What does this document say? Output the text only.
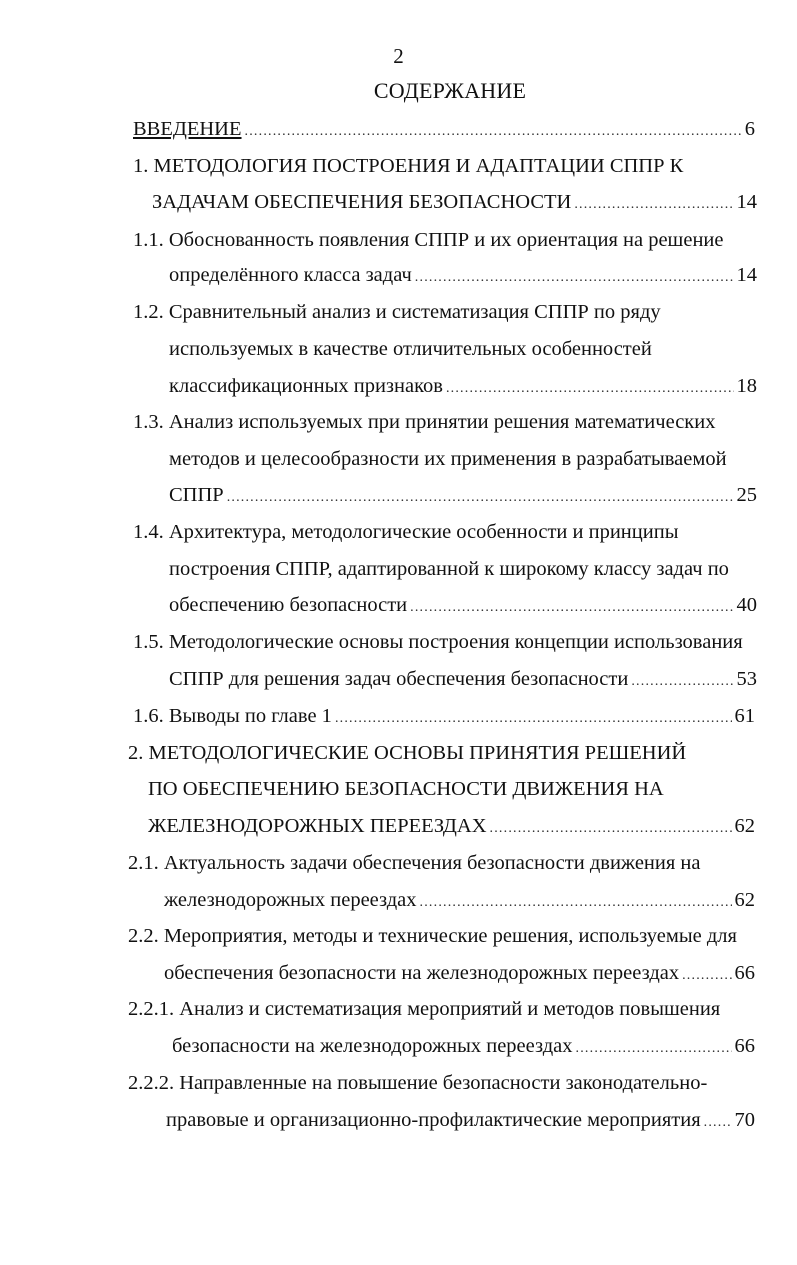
2
СОДЕРЖАНИЕ
ВВЕДЕНИЕ .....	6
1. МЕТОДОЛОГИЯ ПОСТРОЕНИЯ И АДАПТАЦИИ СППР К
ЗАДАЧАМ ОБЕСПЕЧЕНИЯ БЕЗОПАСНОСТИ .....	14
1.1. Обоснованность появления СППР и их ориентация на решение
определённого класса задач .....	14
1.2. Сравнительный анализ и систематизация СППР по ряду
используемых в качестве отличительных особенностей
классификационных признаков .....	18
1.3. Анализ используемых при принятии решения математических
методов и целесообразности их применения в разрабатываемой
СППР .....	25
1.4. Архитектура, методологические особенности и принципы
построения СППР, адаптированной к широкому классу задач по
обеспечению безопасности .....	40
1.5. Методологические основы построения концепции использования
СППР для решения задач обеспечения безопасности .....	53
1.6. Выводы по главе 1 .....	61
2. МЕТОДОЛОГИЧЕСКИЕ ОСНОВЫ ПРИНЯТИЯ РЕШЕНИЙ
ПО ОБЕСПЕЧЕНИЮ БЕЗОПАСНОСТИ ДВИЖЕНИЯ НА
ЖЕЛЕЗНОДОРОЖНЫХ ПЕРЕЕЗДАХ .....	62
2.1. Актуальность задачи обеспечения безопасности движения на
железнодорожных переездах .....	62
2.2. Мероприятия, методы и технические решения, используемые для
обеспечения безопасности на железнодорожных переездах .....	66
2.2.1. Анализ и систематизация мероприятий и методов повышения
безопасности на железнодорожных переездах .....	66
2.2.2. Направленные на повышение безопасности законодательно-
правовые и организационно-профилактические мероприятия ..... 70
